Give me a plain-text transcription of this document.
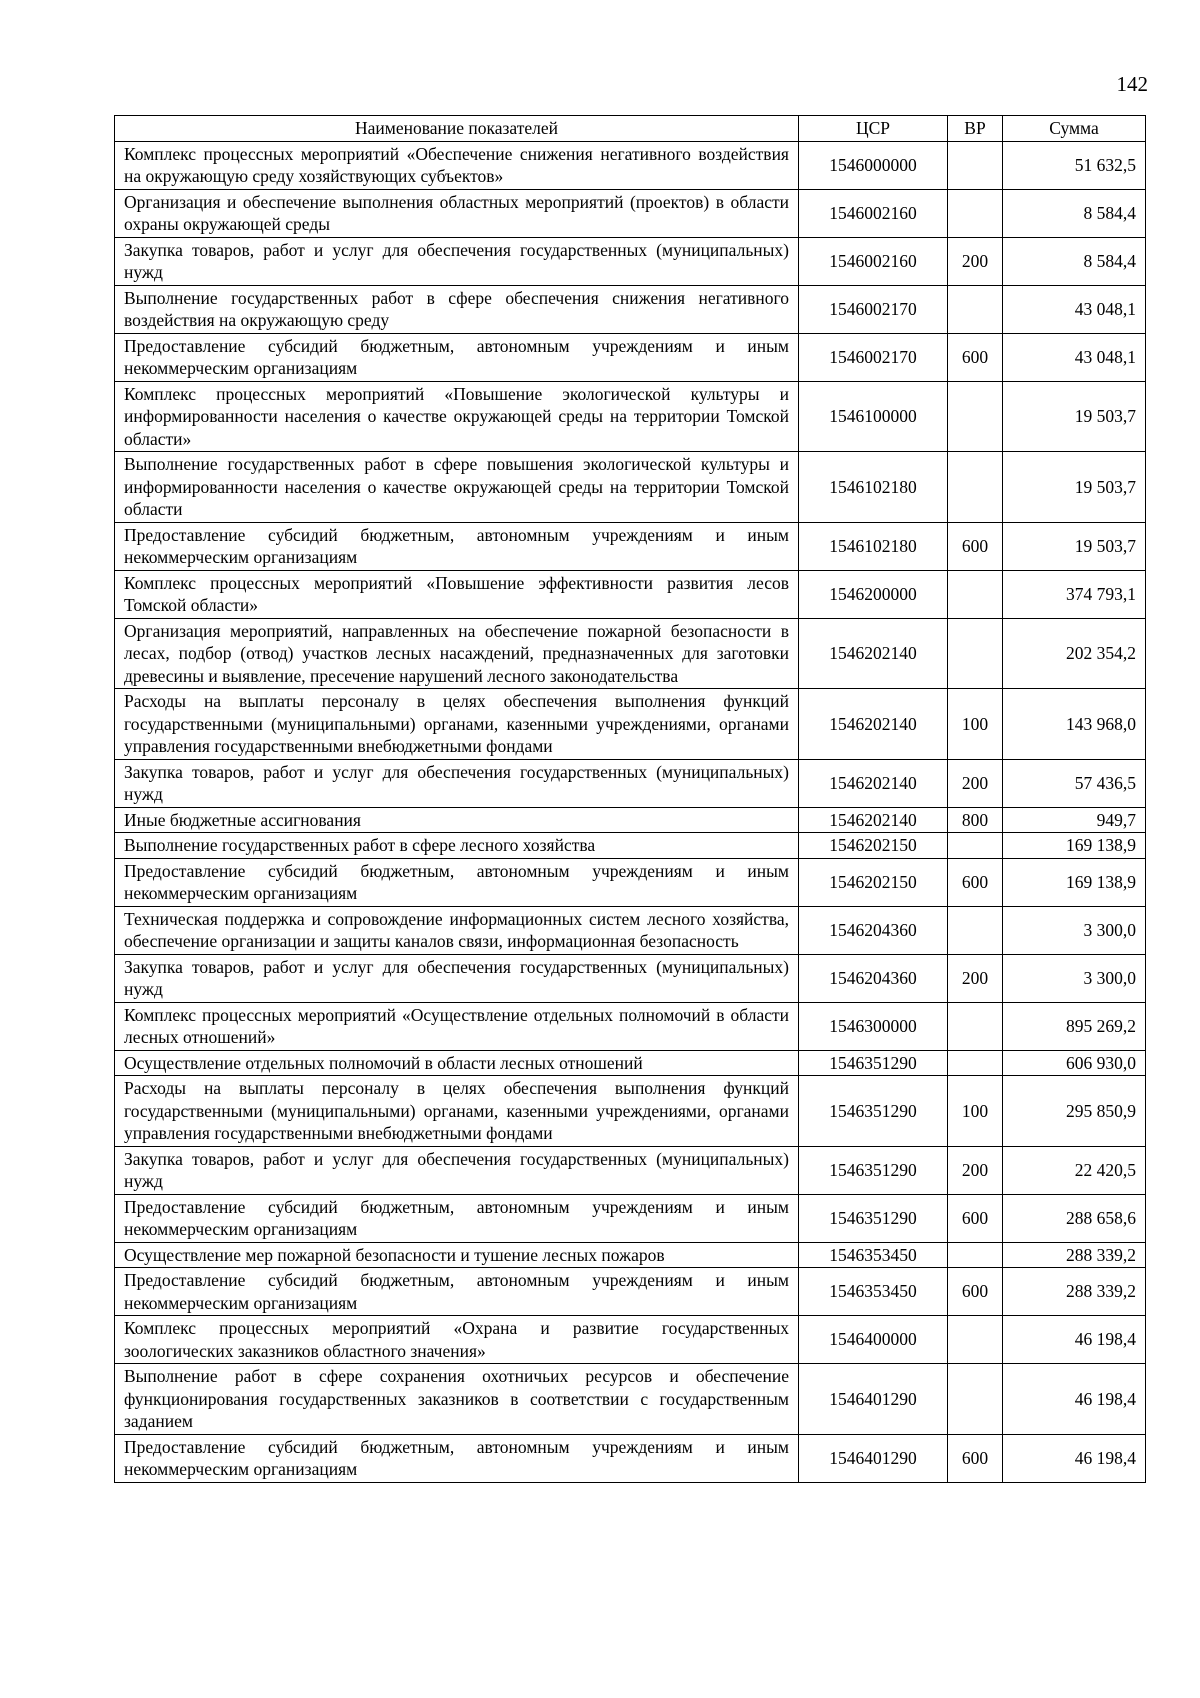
142
Наименование показателей	ЦСР	ВР	Сумма
Комплекс процессных мероприятий «Обеспечение снижения негативного воздействия на окружающую среду хозяйствующих субъектов»	1546000000		51 632,5
Организация и обеспечение выполнения областных мероприятий (проектов) в области охраны окружающей среды	1546002160		8 584,4
Закупка товаров, работ и услуг для обеспечения государственных (муниципальных) нужд	1546002160	200	8 584,4
Выполнение государственных работ в сфере обеспечения снижения негативного воздействия на окружающую среду	1546002170		43 048,1
Предоставление субсидий бюджетным, автономным учреждениям и иным некоммерческим организациям	1546002170	600	43 048,1
Комплекс процессных мероприятий «Повышение экологической культуры и информированности населения о качестве окружающей среды на территории Томской области»	1546100000		19 503,7
Выполнение государственных работ в сфере повышения экологической культуры и информированности населения о качестве окружающей среды на территории Томской области	1546102180		19 503,7
Предоставление субсидий бюджетным, автономным учреждениям и иным некоммерческим организациям	1546102180	600	19 503,7
Комплекс процессных мероприятий «Повышение эффективности развития лесов Томской области»	1546200000		374 793,1
Организация мероприятий, направленных на обеспечение пожарной безопасности в лесах, подбор (отвод) участков лесных насаждений, предназначенных для заготовки древесины и выявление, пресечение нарушений лесного законодательства	1546202140		202 354,2
Расходы на выплаты персоналу в целях обеспечения выполнения функций государственными (муниципальными) органами, казенными учреждениями, органами управления государственными внебюджетными фондами	1546202140	100	143 968,0
Закупка товаров, работ и услуг для обеспечения государственных (муниципальных) нужд	1546202140	200	57 436,5
Иные бюджетные ассигнования	1546202140	800	949,7
Выполнение государственных работ в сфере лесного хозяйства	1546202150		169 138,9
Предоставление субсидий бюджетным, автономным учреждениям и иным некоммерческим организациям	1546202150	600	169 138,9
Техническая поддержка и сопровождение информационных систем лесного хозяйства, обеспечение организации и защиты каналов связи, информационная безопасность	1546204360		3 300,0
Закупка товаров, работ и услуг для обеспечения государственных (муниципальных) нужд	1546204360	200	3 300,0
Комплекс процессных мероприятий «Осуществление отдельных полномочий в области лесных отношений»	1546300000		895 269,2
Осуществление отдельных полномочий в области лесных отношений	1546351290		606 930,0
Расходы на выплаты персоналу в целях обеспечения выполнения функций государственными (муниципальными) органами, казенными учреждениями, органами управления государственными внебюджетными фондами	1546351290	100	295 850,9
Закупка товаров, работ и услуг для обеспечения государственных (муниципальных) нужд	1546351290	200	22 420,5
Предоставление субсидий бюджетным, автономным учреждениям и иным некоммерческим организациям	1546351290	600	288 658,6
Осуществление мер пожарной безопасности и тушение лесных пожаров	1546353450		288 339,2
Предоставление субсидий бюджетным, автономным учреждениям и иным некоммерческим организациям	1546353450	600	288 339,2
Комплекс процессных мероприятий «Охрана и развитие государственных зоологических заказников областного значения»	1546400000		46 198,4
Выполнение работ в сфере сохранения охотничьих ресурсов и обеспечение функционирования государственных заказников в соответствии с государственным заданием	1546401290		46 198,4
Предоставление субсидий бюджетным, автономным учреждениям и иным некоммерческим организациям	1546401290	600	46 198,4
